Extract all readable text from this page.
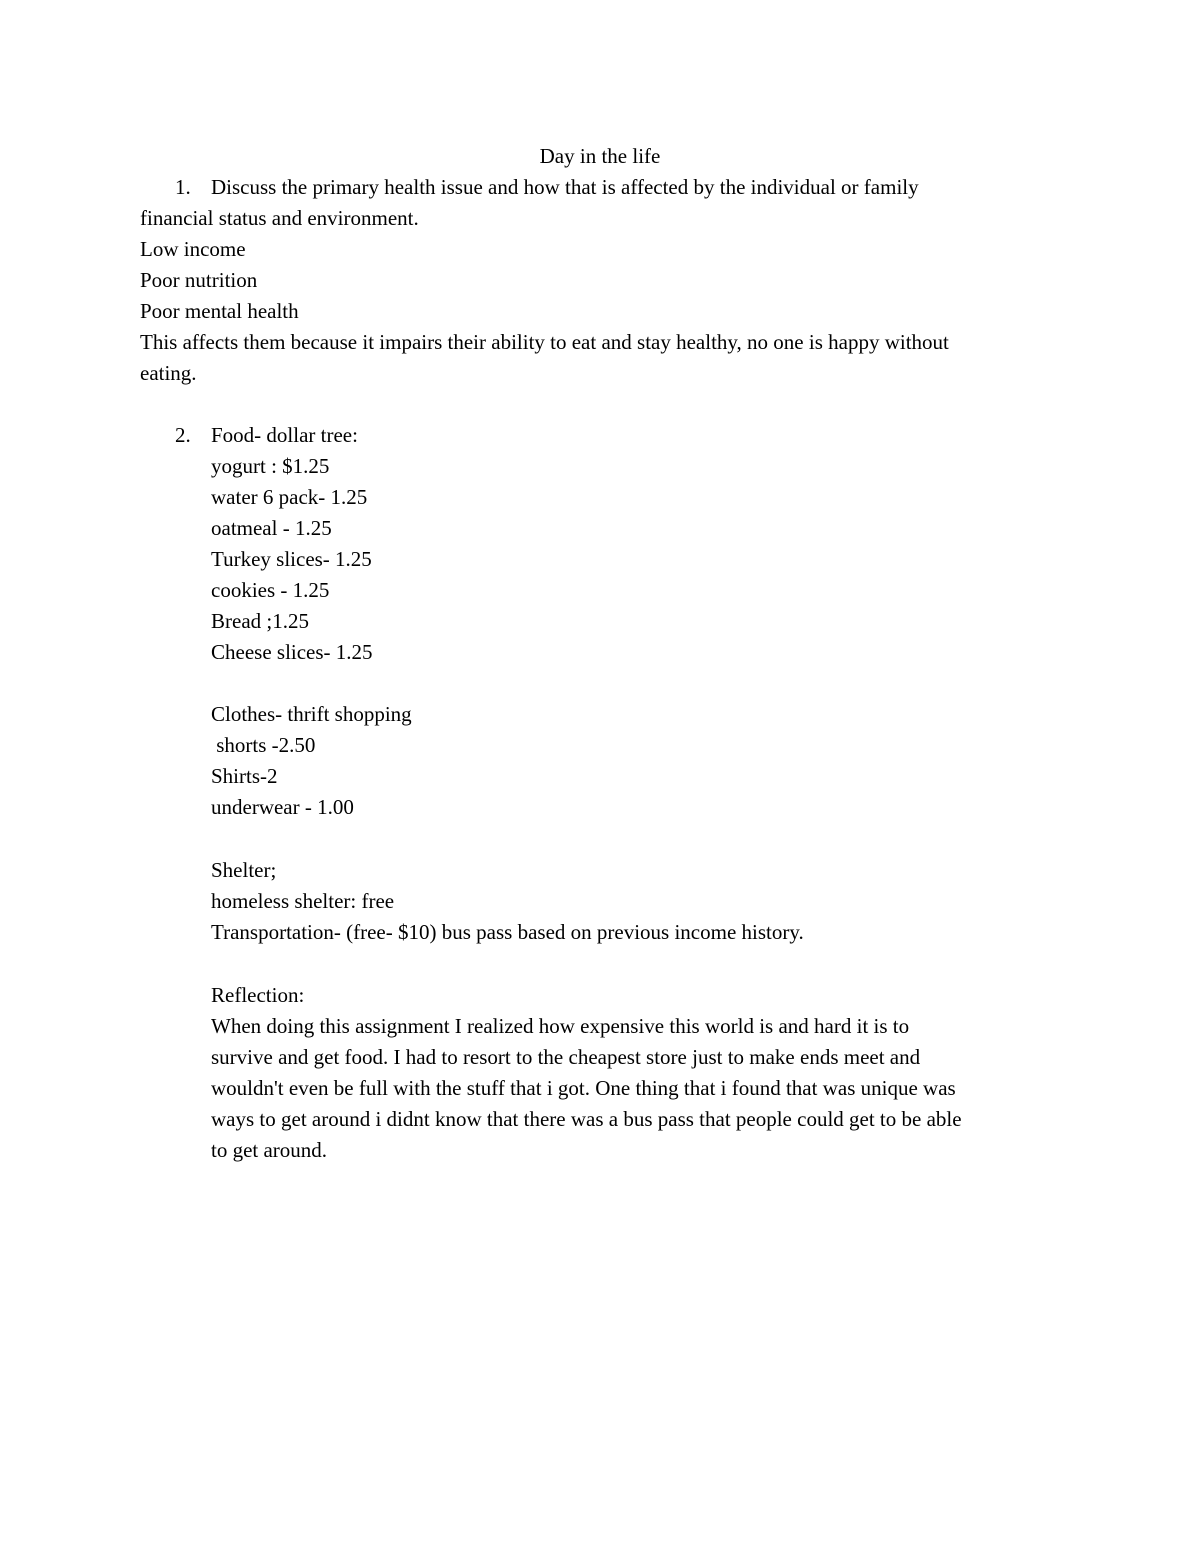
Day in the life
1. Discuss the primary health issue and how that is affected by the individual or family
financial status and environment.
Low income
Poor nutrition
Poor mental health
This affects them because it impairs their ability to eat and stay healthy, no one is happy without
eating.
2. Food- dollar tree:
yogurt : $1.25
water 6 pack- 1.25
oatmeal - 1.25
Turkey slices- 1.25
cookies - 1.25
Bread ;1.25
Cheese slices- 1.25
Clothes- thrift shopping
shorts -2.50
Shirts-2
underwear - 1.00
Shelter;
homeless shelter: free
Transportation- (free- $10) bus pass based on previous income history.
Reflection:
When doing this assignment I realized how expensive this world is and hard it is to
survive and get food. I had to resort to the cheapest store just to make ends meet and
wouldn't even be full with the stuff that i got. One thing that i found that was unique was
ways to get around i didnt know that there was a bus pass that people could get to be able
to get around.
